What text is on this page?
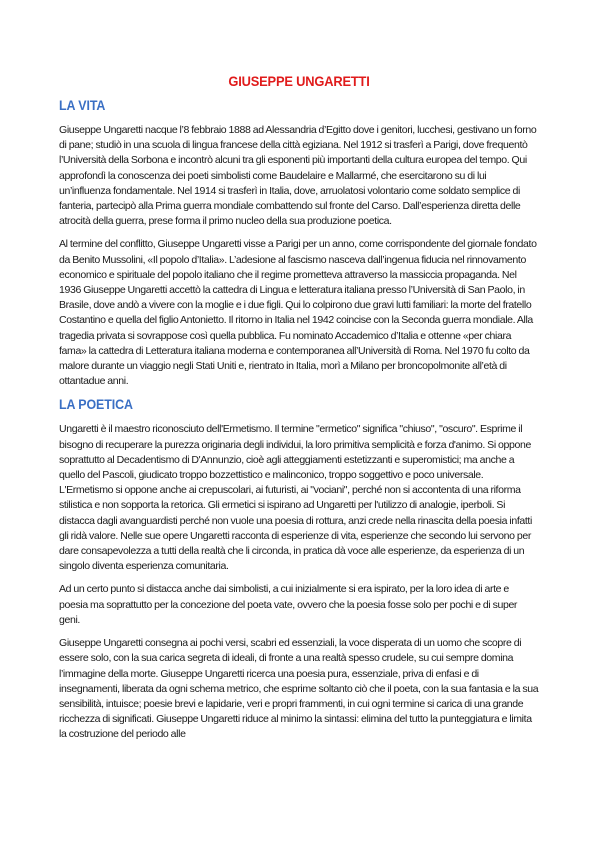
GIUSEPPE UNGARETTI
LA VITA

Giuseppe Ungaretti nacque l’8 febbraio 1888 ad Alessandria d’Egitto dove i genitori, lucchesi, gestivano un forno di pane; studiò in una scuola di lingua francese della città egiziana. Nel 1912 si trasferì a Parigi, dove frequentò l’Università della Sorbona e incontrò alcuni tra gli esponenti più importanti della cultura europea del tempo. Qui approfondì la conoscenza dei poeti simbolisti come Baudelaire e Mallarmé, che esercitarono su di lui un’influenza fondamentale. Nel 1914 si trasferì in Italia, dove, arruolatosi volontario come soldato semplice di fanteria, partecipò alla Prima guerra mondiale combattendo sul fronte del Carso. Dall’esperienza diretta delle atrocità della guerra, prese forma il primo nucleo della sua produzione poetica.

Al termine del conflitto, Giuseppe Ungaretti visse a Parigi per un anno, come corrispondente del giornale fondato da Benito Mussolini, «Il popolo d’Italia». L’adesione al fascismo nasceva dall’ingenua fiducia nel rinnovamento economico e spirituale del popolo italiano che il regime prometteva attraverso la massiccia propaganda. Nel 1936 Giuseppe Ungaretti accettò la cattedra di Lingua e letteratura italiana presso l’Università di San Paolo, in Brasile, dove andò a vivere con la moglie e i due figli. Qui lo colpirono due gravi lutti familiari: la morte del fratello Costantino e quella del figlio Antonietto. Il ritorno in Italia nel 1942 coincise con la Seconda guerra mondiale. Alla tragedia privata si sovrappose così quella pubblica. Fu nominato Accademico d’Italia e ottenne «per chiara fama» la cattedra di Letteratura italiana moderna e contemporanea all’Università di Roma. Nel 1970 fu colto da malore durante un viaggio negli Stati Uniti e, rientrato in Italia, morì a Milano per broncopolmonite all’età di ottantadue anni.

LA POETICA

Ungaretti è il maestro riconosciuto dell'Ermetismo. Il termine "ermetico" significa "chiuso", "oscuro". Esprime il bisogno di recuperare la purezza originaria degli individui, la loro primitiva semplicità e forza d'animo. Si oppone soprattutto al Decadentismo di D'Annunzio, cioè agli atteggiamenti estetizzanti e superomistici; ma anche a quello del Pascoli, giudicato troppo bozzettistico e malinconico, troppo soggettivo e poco universale. L'Ermetismo si oppone anche ai crepuscolari, ai futuristi, ai "vociani", perché non si accontenta di una riforma stilistica e non sopporta la retorica. Gli ermetici si ispirano ad Ungaretti per l'utilizzo di analogie, iperboli. Si distacca dagli avanguardisti perché non vuole una poesia di rottura, anzi crede nella rinascita della poesia infatti gli ridà valore. Nelle sue opere Ungaretti racconta di esperienze di vita, esperienze che secondo lui servono per dare consapevolezza a tutti della realtà che li circonda, in pratica dà voce alle esperienze, da esperienza di un singolo diventa esperienza comunitaria.

Ad un certo punto si distacca anche dai simbolisti, a cui inizialmente si era ispirato, per la loro idea di arte e poesia ma soprattutto per la concezione del poeta vate, ovvero che la poesia fosse solo per pochi e di super geni.

Giuseppe Ungaretti consegna ai pochi versi, scabri ed essenziali, la voce disperata di un uomo che scopre di essere solo, con la sua carica segreta di ideali, di fronte a una realtà spesso crudele, su cui sempre domina l’immagine della morte. Giuseppe Ungaretti ricerca una poesia pura, essenziale, priva di enfasi e di insegnamenti, liberata da ogni schema metrico, che esprime soltanto ciò che il poeta, con la sua fantasia e la sua sensibilità, intuisce; poesie brevi e lapidarie, veri e propri frammenti, in cui ogni termine si carica di una grande ricchezza di significati. Giuseppe Ungaretti riduce al minimo la sintassi: elimina del tutto la punteggiatura e limita la costruzione del periodo alle
